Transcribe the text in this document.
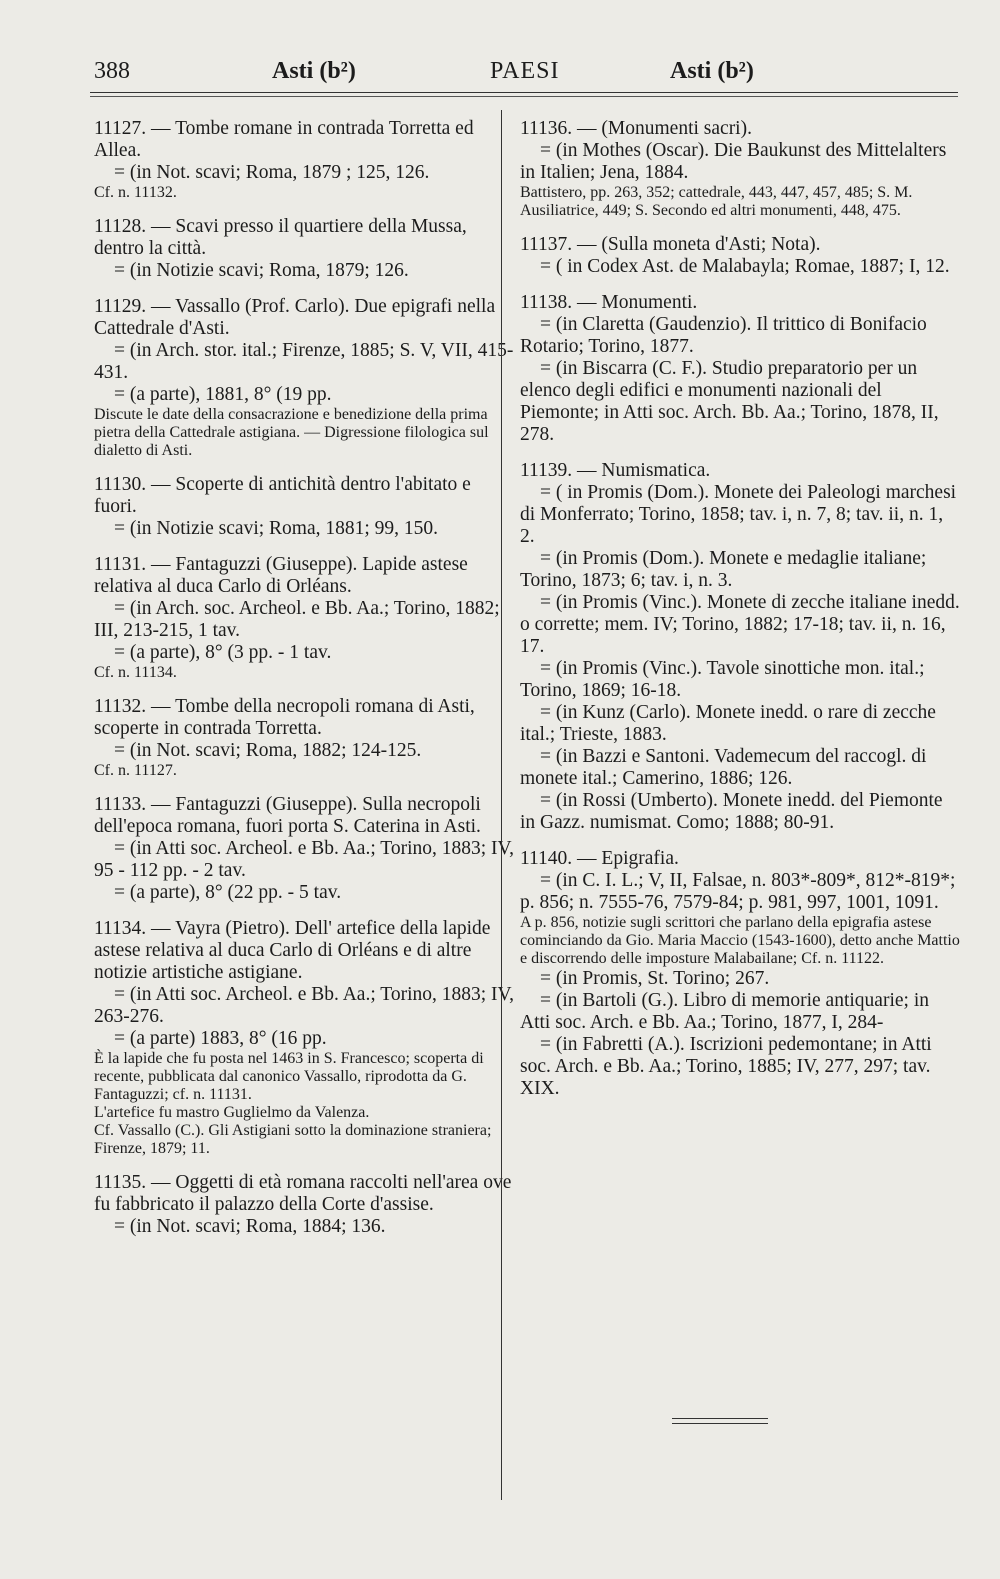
388	Asti (b²)	PAESI	Asti (b²)

11127. — Tombe romane in contrada Torretta ed Allea.

= (in Not. scavi; Roma, 1879 ; 125, 126.

Cf. n. 11132.

11128. — Scavi presso il quartiere della Mussa, dentro la città.

= (in Notizie scavi; Roma, 1879; 126.

11129. — Vassallo (Prof. Carlo). Due epigrafi nella Cattedrale d'Asti.

= (in Arch. stor. ital.; Firenze, 1885; S. V, VII, 415-431.

= (a parte), 1881, 8° (19 pp.

Discute le date della consacrazione e benedizione della prima pietra della Cattedrale astigiana. — Digressione filologica sul dialetto di Asti.

11130. — Scoperte di antichità dentro l'abitato e fuori.

= (in Notizie scavi; Roma, 1881; 99, 150.

11131. — Fantaguzzi (Giuseppe). Lapide astese relativa al duca Carlo di Orléans.

= (in Arch. soc. Archeol. e Bb. Aa.; Torino, 1882; III, 213-215, 1 tav.

= (a parte), 8° (3 pp. - 1 tav.

Cf. n. 11134.

11132. — Tombe della necropoli romana di Asti, scoperte in contrada Torretta.

= (in Not. scavi; Roma, 1882; 124-125.

Cf. n. 11127.

11133. — Fantaguzzi (Giuseppe). Sulla necropoli dell'epoca romana, fuori porta S. Caterina in Asti.

= (in Atti soc. Archeol. e Bb. Aa.; Torino, 1883; IV, 95 - 112 pp. - 2 tav.

= (a parte), 8° (22 pp. - 5 tav.

11134. — Vayra (Pietro). Dell' artefice della lapide astese relativa al duca Carlo di Orléans e di altre notizie artistiche astigiane.

= (in Atti soc. Archeol. e Bb. Aa.; Torino, 1883; IV, 263-276.

= (a parte) 1883, 8° (16 pp.

È la lapide che fu posta nel 1463 in S. Francesco; scoperta di recente, pubblicata dal canonico Vassallo, riprodotta da G. Fantaguzzi; cf. n. 11131.

L'artefice fu mastro Guglielmo da Valenza.

Cf. Vassallo (C.). Gli Astigiani sotto la dominazione straniera; Firenze, 1879; 11.

11135. — Oggetti di età romana raccolti nell'area ove fu fabbricato il palazzo della Corte d'assise.

= (in Not. scavi; Roma, 1884; 136.

11136. — (Monumenti sacri).

= (in Mothes (Oscar). Die Baukunst des Mittelalters in Italien; Jena, 1884.

Battistero, pp. 263, 352; cattedrale, 443, 447, 457, 485; S. M. Ausiliatrice, 449; S. Secondo ed altri monumenti, 448, 475.

11137. — (Sulla moneta d'Asti; Nota).

= ( in Codex Ast. de Malabayla; Romae, 1887; I, 12.

11138. — Monumenti.

= (in Claretta (Gaudenzio). Il trittico di Bonifacio Rotario; Torino, 1877.

= (in Biscarra (C. F.). Studio preparatorio per un elenco degli edifici e monumenti nazionali del Piemonte; in Atti soc. Arch. Bb. Aa.; Torino, 1878, II, 278.

11139. — Numismatica.

= ( in Promis (Dom.). Monete dei Paleologi marchesi di Monferrato; Torino, 1858; tav. i, n. 7, 8; tav. ii, n. 1, 2.

= (in Promis (Dom.). Monete e medaglie italiane; Torino, 1873; 6; tav. i, n. 3.

= (in Promis (Vinc.). Monete di zecche italiane inedd. o corrette; mem. IV; Torino, 1882; 17-18; tav. ii, n. 16, 17.

= (in Promis (Vinc.). Tavole sinottiche mon. ital.; Torino, 1869; 16-18.

= (in Kunz (Carlo). Monete inedd. o rare di zecche ital.; Trieste, 1883.

= (in Bazzi e Santoni. Vademecum del raccogl. di monete ital.; Camerino, 1886; 126.

= (in Rossi (Umberto). Monete inedd. del Piemonte in Gazz. numismat. Como; 1888; 80-91.

11140. — Epigrafia.

= (in C. I. L.; V, II, Falsae, n. 803*-809*, 812*-819*; p. 856; n. 7555-76, 7579-84; p. 981, 997, 1001, 1091.

A p. 856, notizie sugli scrittori che parlano della epigrafia astese cominciando da Gio. Maria Maccio (1543-1600), detto anche Mattio e discorrendo delle imposture Malabailane; Cf. n. 11122.

= (in Promis, St. Torino; 267.

= (in Bartoli (G.). Libro di memorie antiquarie; in Atti soc. Arch. e Bb. Aa.; Torino, 1877, I, 284-

= (in Fabretti (A.). Iscrizioni pedemontane; in Atti soc. Arch. e Bb. Aa.; Torino, 1885; IV, 277, 297; tav. XIX.
